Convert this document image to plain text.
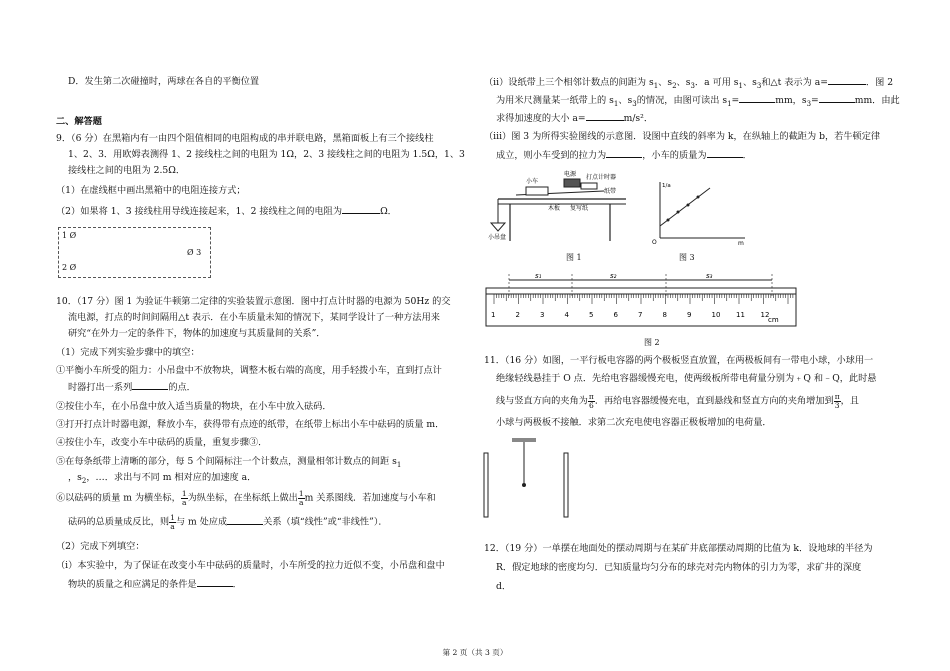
D．发生第二次碰撞时，两球在各自的平衡位置
二、解答题
9．（6 分）在黑箱内有一由四个阻值相同的电阻构成的串并联电路，黑箱面板上有三个接线柱
1、2、3．用欧姆表测得 1、2 接线柱之间的电阻为 1Ω，2、3 接线柱之间的电阻为 1.5Ω，1、3
接线柱之间的电阻为 2.5Ω．
（1）在虚线框中画出黑箱中的电阻连接方式；
（2）如果将 1、3 接线柱用导线连接起来，1、2 接线柱之间的电阻为	Ω．
10．（17 分）图 1 为验证牛顿第二定律的实验装置示意图．图中打点计时器的电源为 50Hz 的交
流电源，打点的时间间隔用△t 表示．在小车质量未知的情况下，某同学设计了一种方法用来
研究“在外力一定的条件下，物体的加速度与其质量间的关系”．
（1）完成下列实验步骤中的填空：
①平衡小车所受的阻力：小吊盘中不放物块，调整木板右端的高度，用手轻拨小车，直到打点计
时器打出一系列	的点．
②按住小车，在小吊盘中放入适当质量的物块，在小车中放入砝码．
③打开打点计时器电源，释放小车，获得带有点迹的纸带，在纸带上标出小车中砝码的质量 m．
④按住小车，改变小车中砝码的质量，重复步骤③．
⑤在每条纸带上清晰的部分，每 5 个间隔标注一个计数点，测量相邻计数点的间距 $s_1$
，$s_2$，…．求出与不同 m 相对应的加速度 a．
⑥以砝码的质量 m 为横坐标， $\frac{1}{a}$ 为纵坐标，在坐标纸上做出 $\frac{1}{a}$ m 关系图线．若加速度与小车和
砝码的总质量成反比，则 $\frac{1}{a}$ 与 m 处应成	关系（填“线性”或“非线性”）．
（2）完成下列填空：
（i）本实验中，为了保证在改变小车中砝码的质量时，小车所受的拉力近似不变，小吊盘和盘中
物块的质量之和应满足的条件是	．
1 Ø
2 Ø
Ø 3
（ii）设纸带上三个相邻计数点的间距为 $s_1$、$s_2$、$s_3$．a 可用 $s_1$、$s_3$和△t 表示为 a=	．图 2
为用米尺测量某一纸带上的 $s_1$、$s_3$的情况，由图可读出 $s_1=$	mm，$s_3=$	mm．由此
求得加速度的大小 a=	m/s²．
（iii）图 3 为所得实验图线的示意图．设图中直线的斜率为 k，在纵轴上的截距为 b，若牛顿定律
成立，则小车受到的拉力为	，小车的质量为	．
11．（16 分）如图，一平行板电容器的两个极板竖直放置，在两极板间有一带电小球，小球用一
绝缘轻线悬挂于 O 点．先给电容器缓慢充电，使两级板所带电荷量分别为﹢Q 和﹣Q，此时悬
线与竖直方向的夹角为 $\frac{\pi}{6}$ ．再给电容器缓慢充电，直到悬线和竖直方向的夹角增加到 $\frac{\pi}{3}$ ，且
小球与两极板不接触．求第二次充电使电容器正极板增加的电荷量．
12．（19 分）一单摆在地面处的摆动周期与在某矿井底部摆动周期的比值为 k．设地球的半径为
R．假定地球的密度均匀．已知质量均匀分布的球壳对壳内物体的引力为零，求矿井的深度
d．
小车
电源 打点计时器
纸带
木板 复写纸
小吊盘
图 1
O
1/a
m
图 3
1	2	3	4	5	6	7	8	9	10 11 12
s₁	s₂	s₃
cm
图 2
第 2 页（共 3 页）
